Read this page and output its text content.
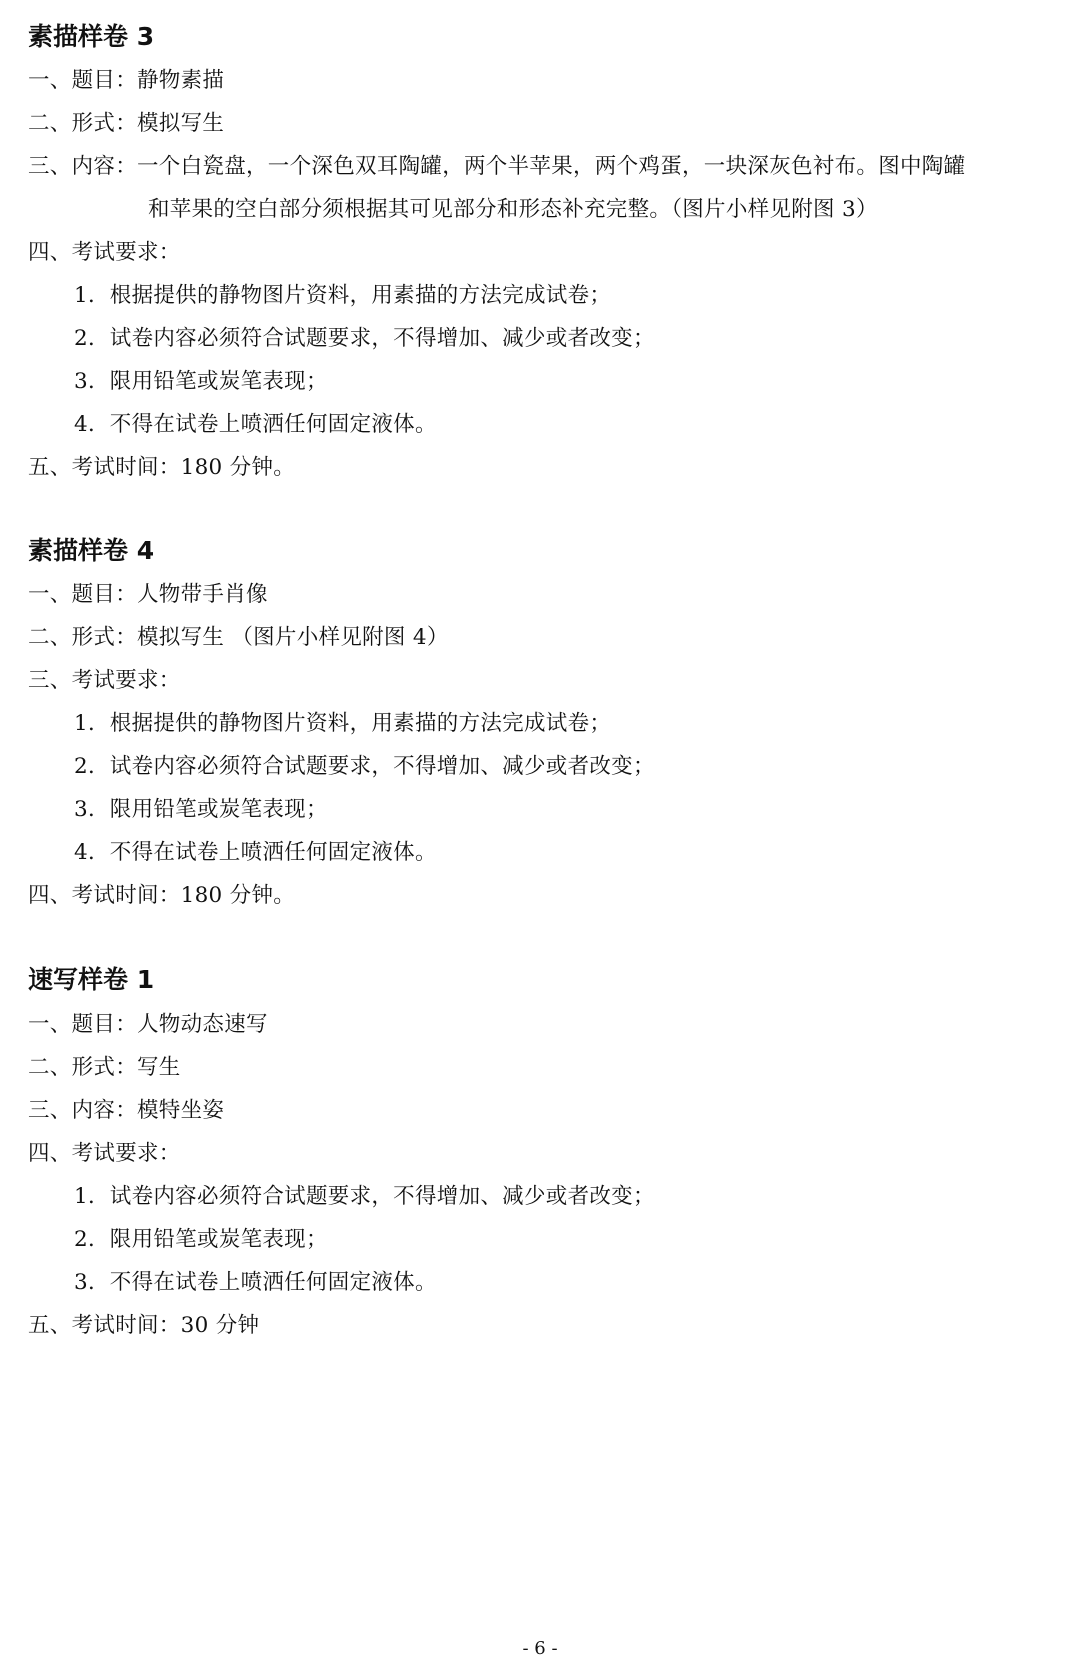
素描样卷 3
一、题目：静物素描
二、形式：模拟写生
三、内容：一个白瓷盘，一个深色双耳陶罐，两个半苹果，两个鸡蛋，一块深灰色衬布。图中陶罐
和苹果的空白部分须根据其可见部分和形态补充完整。（图片小样见附图 3）
四、考试要求：
1．根据提供的静物图片资料，用素描的方法完成试卷；
2．试卷内容必须符合试题要求，不得增加、减少或者改变；
3．限用铅笔或炭笔表现；
4．不得在试卷上喷洒任何固定液体。
五、考试时间：180 分钟。
素描样卷 4
一、题目：人物带手肖像
二、形式：模拟写生 （图片小样见附图 4）
三、考试要求：
1．根据提供的静物图片资料，用素描的方法完成试卷；
2．试卷内容必须符合试题要求，不得增加、减少或者改变；
3．限用铅笔或炭笔表现；
4．不得在试卷上喷洒任何固定液体。
四、考试时间：180 分钟。
速写样卷 1
一、题目：人物动态速写
二、形式：写生
三、内容：模特坐姿
四、考试要求：
1．试卷内容必须符合试题要求，不得增加、减少或者改变；
2．限用铅笔或炭笔表现；
3．不得在试卷上喷洒任何固定液体。
五、考试时间：30 分钟
- 6 -
